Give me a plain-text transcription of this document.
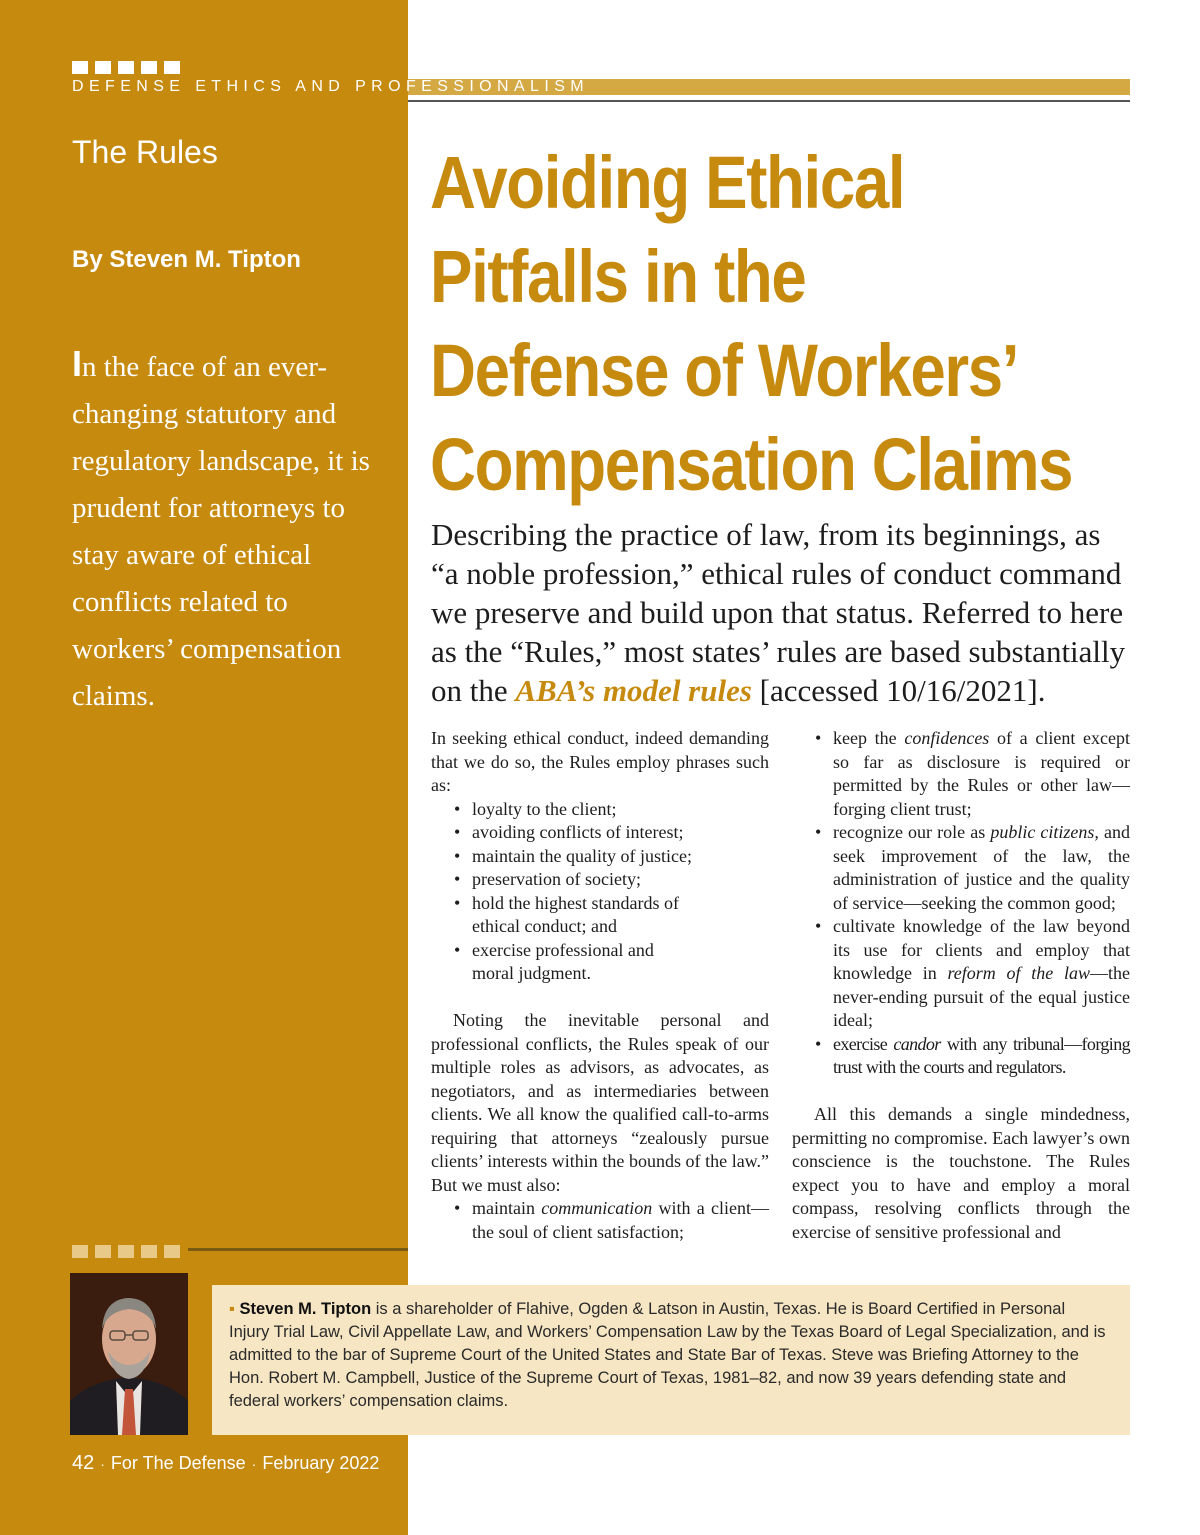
DEFENSE ETHICS AND PROFESSIONALISM
The Rules
By Steven M. Tipton
In the face of an ever-changing statutory and regulatory landscape, it is prudent for attorneys to stay aware of ethical conflicts related to workers’ compensation claims.
Avoiding Ethical
Pitfalls in the
Defense of Workers’
Compensation Claims
Describing the practice of law, from its beginnings, as “a noble profession,” ethical rules of conduct command we preserve and build upon that status. Referred to here as the “Rules,” most states’ rules are based substantially on the ABA’s model rules [accessed 10/16/2021].

In seeking ethical conduct, indeed demanding that we do so, the Rules employ phrases such as:

• loyalty to the client;
• avoiding conflicts of interest;
• maintain the quality of justice;
• preservation of society;
• hold the highest standards of ethical conduct; and
• exercise professional and moral judgment.

Noting the inevitable personal and professional conflicts, the Rules speak of our multiple roles as advisors, as advocates, as negotiators, and as intermediaries between clients. We all know the qualified call-to-arms requiring that attorneys “zealously pursue clients’ interests within the bounds of the law.” But we must also:

• maintain communication with a client—the soul of client satisfaction;
• keep the confidences of a client except so far as disclosure is required or permitted by the Rules or other law—forging client trust;
• recognize our role as public citizens, and seek improvement of the law, the administration of justice and the quality of service—seeking the common good;
• cultivate knowledge of the law beyond its use for clients and employ that knowledge in reform of the law—the never-ending pursuit of the equal justice ideal;
• exercise candor with any tribunal—forging trust with the courts and regulators.

All this demands a single mindedness, permitting no compromise. Each lawyer’s own conscience is the touchstone. The Rules expect you to have and employ a moral compass, resolving conflicts through the exercise of sensitive professional and

▪ Steven M. Tipton is a shareholder of Flahive, Ogden & Latson in Austin, Texas. He is Board Certified in Personal Injury Trial Law, Civil Appellate Law, and Workers’ Compensation Law by the Texas Board of Legal Specialization, and is admitted to the bar of Supreme Court of the United States and State Bar of Texas. Steve was Briefing Attorney to the Hon. Robert M. Campbell, Justice of the Supreme Court of Texas, 1981–82, and now 39 years defending state and federal workers’ compensation claims.
42 · For The Defense · February 2022
